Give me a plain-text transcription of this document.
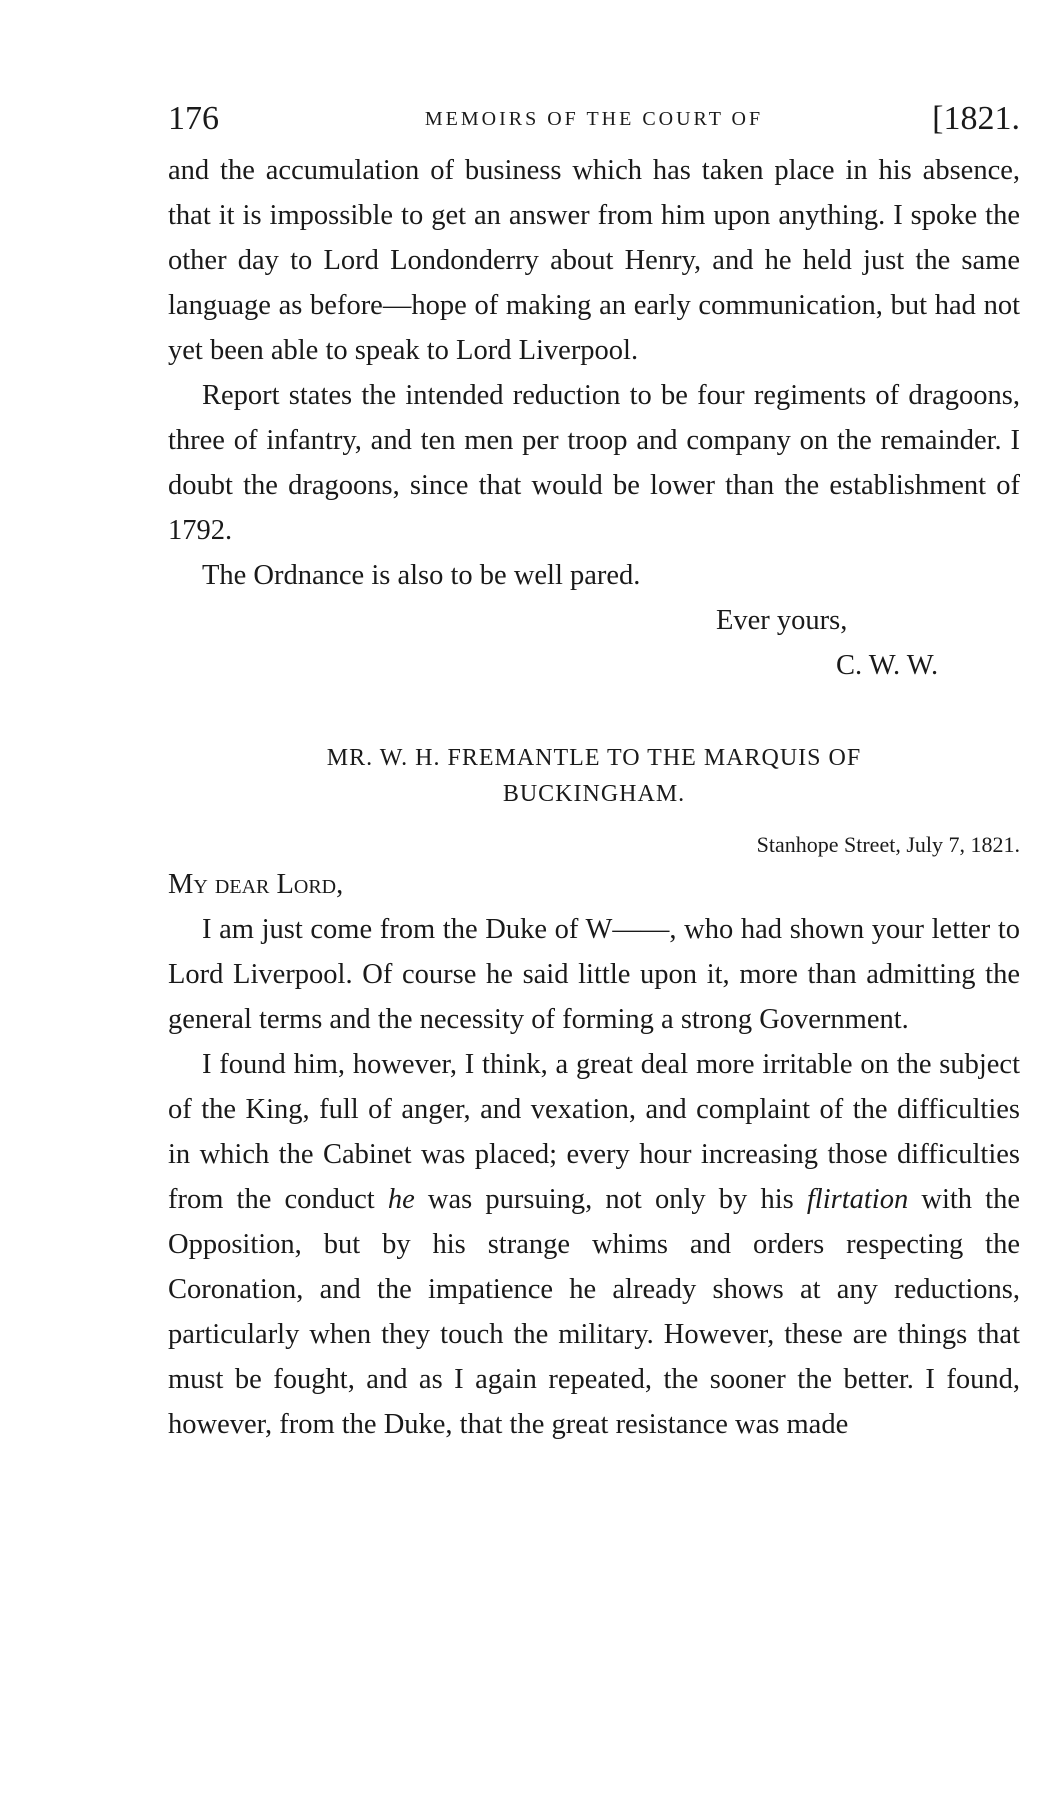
176	MEMOIRS OF THE COURT OF	[1821.

and the accumulation of business which has taken place in his absence, that it is impossible to get an answer from him upon anything. I spoke the other day to Lord Londonderry about Henry, and he held just the same language as before—hope of making an early communication, but had not yet been able to speak to Lord Liverpool.

Report states the intended reduction to be four regiments of dragoons, three of infantry, and ten men per troop and company on the remainder. I doubt the dragoons, since that would be lower than the establishment of 1792.

The Ordnance is also to be well pared.

Ever yours,
C. W. W.
MR. W. H. FREMANTLE TO THE MARQUIS OF
BUCKINGHAM.
Stanhope Street, July 7, 1821.
My dear Lord,

I am just come from the Duke of W——, who had shown your letter to Lord Liverpool. Of course he said little upon it, more than admitting the general terms and the necessity of forming a strong Government.

I found him, however, I think, a great deal more irritable on the subject of the King, full of anger, and vexation, and complaint of the difficulties in which the Cabinet was placed; every hour increasing those difficulties from the conduct he was pursuing, not only by his flirtation with the Opposition, but by his strange whims and orders respecting the Coronation, and the impatience he already shows at any reductions, particularly when they touch the military. However, these are things that must be fought, and as I again repeated, the sooner the better. I found, however, from the Duke, that the great resistance was made
